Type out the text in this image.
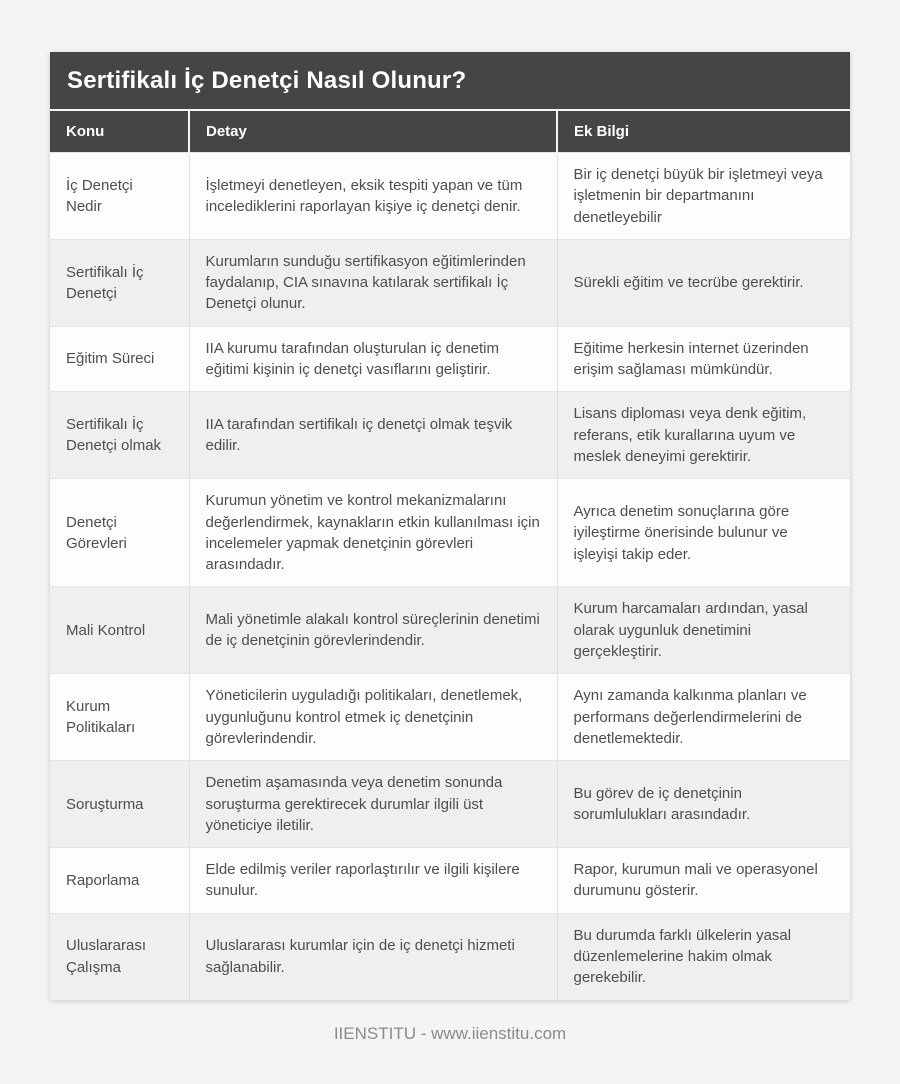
Sertifikalı İç Denetçi Nasıl Olunur?
Konu	Detay	Ek Bilgi
İç Denetçi Nedir	İşletmeyi denetleyen, eksik tespiti yapan ve tüm incelediklerini raporlayan kişiye iç denetçi denir.	Bir iç denetçi büyük bir işletmeyi veya işletmenin bir departmanını denetleyebilir
Sertifikalı İç Denetçi	Kurumların sunduğu sertifikasyon eğitimlerinden faydalanıp, CIA sınavına katılarak sertifikalı İç Denetçi olunur.	Sürekli eğitim ve tecrübe gerektirir.
Eğitim Süreci	IIA kurumu tarafından oluşturulan iç denetim eğitimi kişinin iç denetçi vasıflarını geliştirir.	Eğitime herkesin internet üzerinden erişim sağlaması mümkündür.
Sertifikalı İç Denetçi olmak	IIA tarafından sertifikalı iç denetçi olmak teşvik edilir.	Lisans diploması veya denk eğitim, referans, etik kurallarına uyum ve meslek deneyimi gerektirir.
Denetçi Görevleri	Kurumun yönetim ve kontrol mekanizmalarını değerlendirmek, kaynakların etkin kullanılması için incelemeler yapmak denetçinin görevleri arasındadır.	Ayrıca denetim sonuçlarına göre iyileştirme önerisinde bulunur ve işleyişi takip eder.
Mali Kontrol	Mali yönetimle alakalı kontrol süreçlerinin denetimi de iç denetçinin görevlerindendir.	Kurum harcamaları ardından, yasal olarak uygunluk denetimini gerçekleştirir.
Kurum Politikaları	Yöneticilerin uyguladığı politikaları, denetlemek, uygunluğunu kontrol etmek iç denetçinin görevlerindendir.	Aynı zamanda kalkınma planları ve performans değerlendirmelerini de denetlemektedir.
Soruşturma	Denetim aşamasında veya denetim sonunda soruşturma gerektirecek durumlar ilgili üst yöneticiye iletilir.	Bu görev de iç denetçinin sorumlulukları arasındadır.
Raporlama	Elde edilmiş veriler raporlaştırılır ve ilgili kişilere sunulur.	Rapor, kurumun mali ve operasyonel durumunu gösterir.
Uluslararası Çalışma	Uluslararası kurumlar için de iç denetçi hizmeti sağlanabilir.	Bu durumda farklı ülkelerin yasal düzenlemelerine hakim olmak gerekebilir.
IIENSTITU - www.iienstitu.com
